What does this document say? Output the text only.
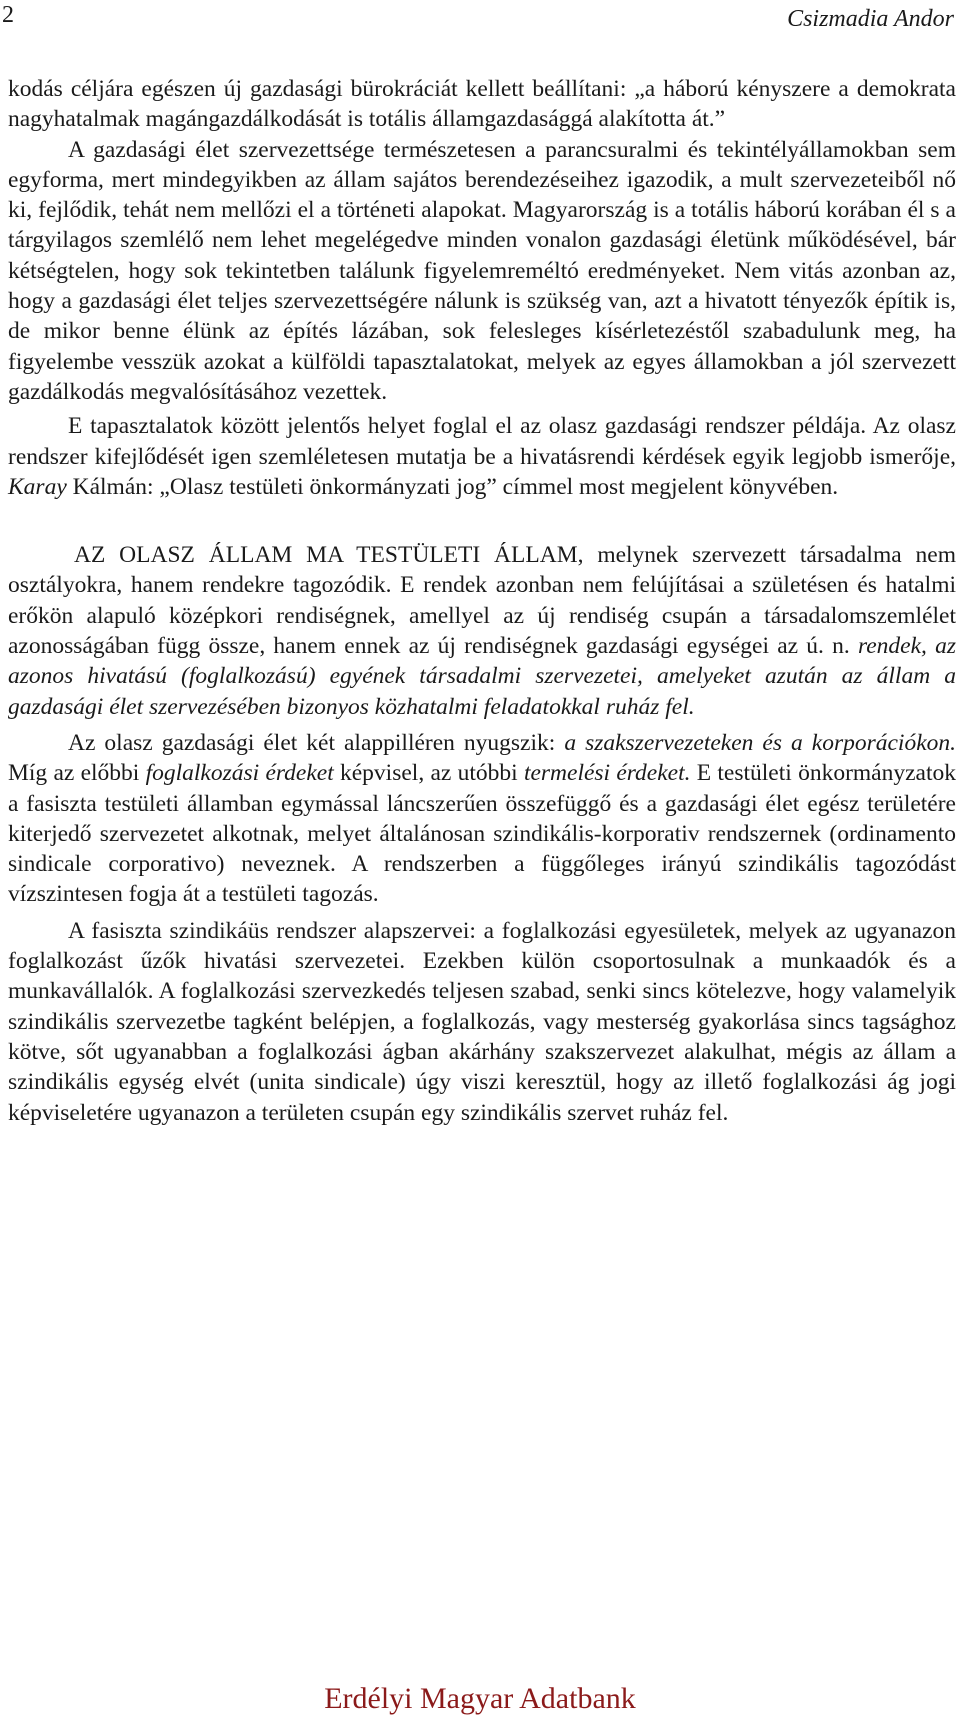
2	Csizmadia Andor

kodás céljára egészen új gazdasági bürokráciát kellett beállítani: „a háború kényszere a demokrata nagyhatalmak magángazdálkodását is totális államgazdasággá alakította át.”

A gazdasági élet szervezettsége természetesen a parancsuralmi és tekintélyállamokban sem egyforma, mert mindegyikben az állam sajátos berendezéseihez igazodik, a mult szervezeteiből nő ki, fejlődik, tehát nem mellőzi el a történeti alapokat. Magyarország is a totális háború korában él s a tárgyilagos szemlélő nem lehet megelégedve minden vonalon gazdasági életünk működésével, bár kétségtelen, hogy sok tekintetben találunk figyelemreméltó eredményeket. Nem vitás azonban az, hogy a gazdasági élet teljes szervezettségére nálunk is szükség van, azt a hivatott tényezők építik is, de mikor benne élünk az építés lázában, sok felesleges kísérletezéstől szabadulunk meg, ha figyelembe vesszük azokat a külföldi tapasztalatokat, melyek az egyes államokban a jól szervezett gazdálkodás megvalósításához vezettek.

E tapasztalatok között jelentős helyet foglal el az olasz gazdasági rendszer példája. Az olasz rendszer kifejlődését igen szemléletesen mutatja be a hivatásrendi kérdések egyik legjobb ismerője, Karay Kálmán: „Olasz testületi önkormányzati jog” címmel most megjelent könyvében.

AZ OLASZ ÁLLAM MA TESTÜLETI ÁLLAM, melynek szervezett társadalma nem osztályokra, hanem rendekre tagozódik. E rendek azonban nem felújításai a születésen és hatalmi erőkön alapuló középkori rendiségnek, amellyel az új rendiség csupán a társadalomszemlélet azonosságában függ össze, hanem ennek az új rendiségnek gazdasági egységei az ú. n. rendek, az azonos hivatású (foglalkozású) egyének társadalmi szervezetei, amelyeket azután az állam a gazdasági élet szervezésében bizonyos közhatalmi feladatokkal ruház fel.

Az olasz gazdasági élet két alappilléren nyugszik: a szakszervezeteken és a korporációkon. Míg az előbbi foglalkozási érdeket képvisel, az utóbbi termelési érdeket. E testületi önkormányzatok a fasiszta testületi államban egymással láncszerűen összefüggő és a gazdasági élet egész területére kiterjedő szervezetet alkotnak, melyet általánosan szindikális-korporativ rendszernek (ordinamento sindicale corporativo) neveznek. A rendszerben a függőleges irányú szindikális tagozódást vízszintesen fogja át a testületi tagozás.

A fasiszta szindikáüs rendszer alapszervei: a foglalkozási egyesületek, melyek az ugyanazon foglalkozást űzők hivatási szervezetei. Ezekben külön csoportosulnak a munkaadók és a munkavállalók. A foglalkozási szervezkedés teljesen szabad, senki sincs kötelezve, hogy valamelyik szindikális szervezetbe tagként belépjen, a foglalkozás, vagy mesterség gyakorlása sincs tagsághoz kötve, sőt ugyanabban a foglalkozási ágban akárhány szakszervezet alakulhat, mégis az állam a szindikális egység elvét (unita sindicale) úgy viszi keresztül, hogy az illető foglalkozási ág jogi képviseletére ugyanazon a területen csupán egy szindikális szervet ruház fel.

Erdélyi Magyar Adatbank
